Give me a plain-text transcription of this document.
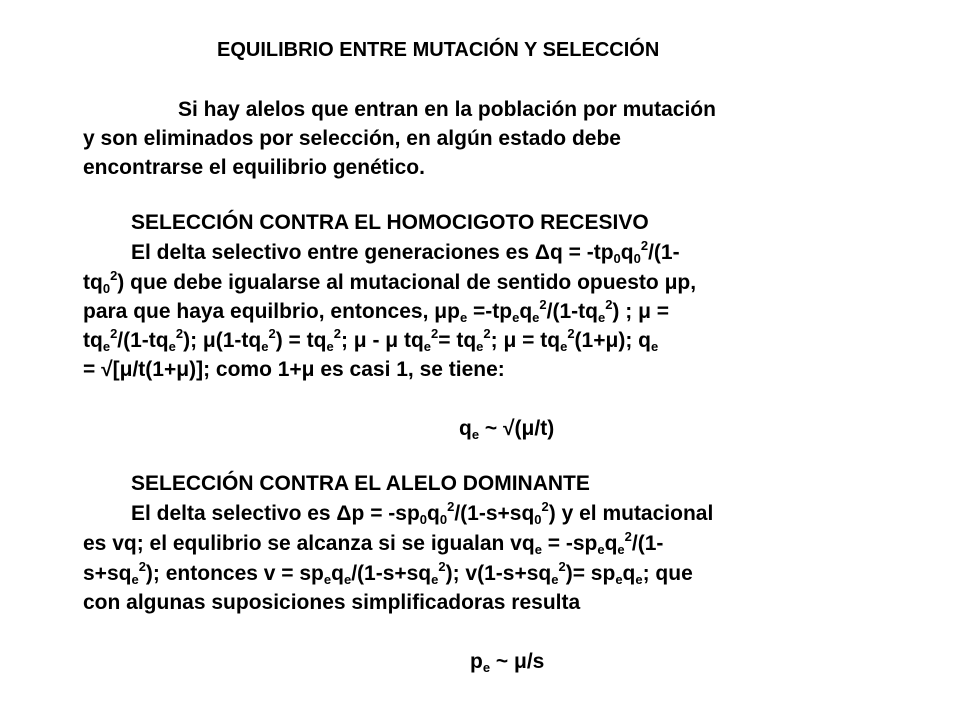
EQUILIBRIO ENTRE MUTACIÓN Y SELECCIÓN
Si hay alelos que entran en la población por mutación
y son eliminados por selección, en algún estado debe
encontrarse el equilibrio genético.
SELECCIÓN CONTRA EL HOMOCIGOTO RECESIVO
El delta selectivo entre generaciones es $\Delta q = -tp_0q_0^2/(1-$
$tq_0^2$) que debe igualarse al mutacional de sentido opuesto μp,
para que haya equilbrio, entonces, $\mu p_e =-tp_eq_e^2/(1-tq_e^2)$ ; μ =
$tq_e^2/(1-tq_e^2)$; $\mu(1-tq_e^2) = tq_e^2$; μ - μ $tq_e^2= tq_e^2$; $\mu = tq_e^2(1+\mu)$; $q_e$
= √[μ/t(1+μ)]; como 1+μ es casi 1, se tiene:
$q_e$ ~ √(μ/t)
SELECCIÓN CONTRA EL ALELO DOMINANTE
El delta selectivo es $\Delta p = -sp_0q_0^2/(1-s+sq_0^2)$ y el mutacional
es vq; el equlibrio se alcanza si se igualan $vq_e = -sp_eq_e^2/(1-$
$s+sq_e^2$); entonces $v = sp_eq_e/(1-s+sq_e^2)$; $v(1-s+sq_e^2)= sp_eq_e$; que
con algunas suposiciones simplificadoras resulta
$p_e$ ~ μ/s
